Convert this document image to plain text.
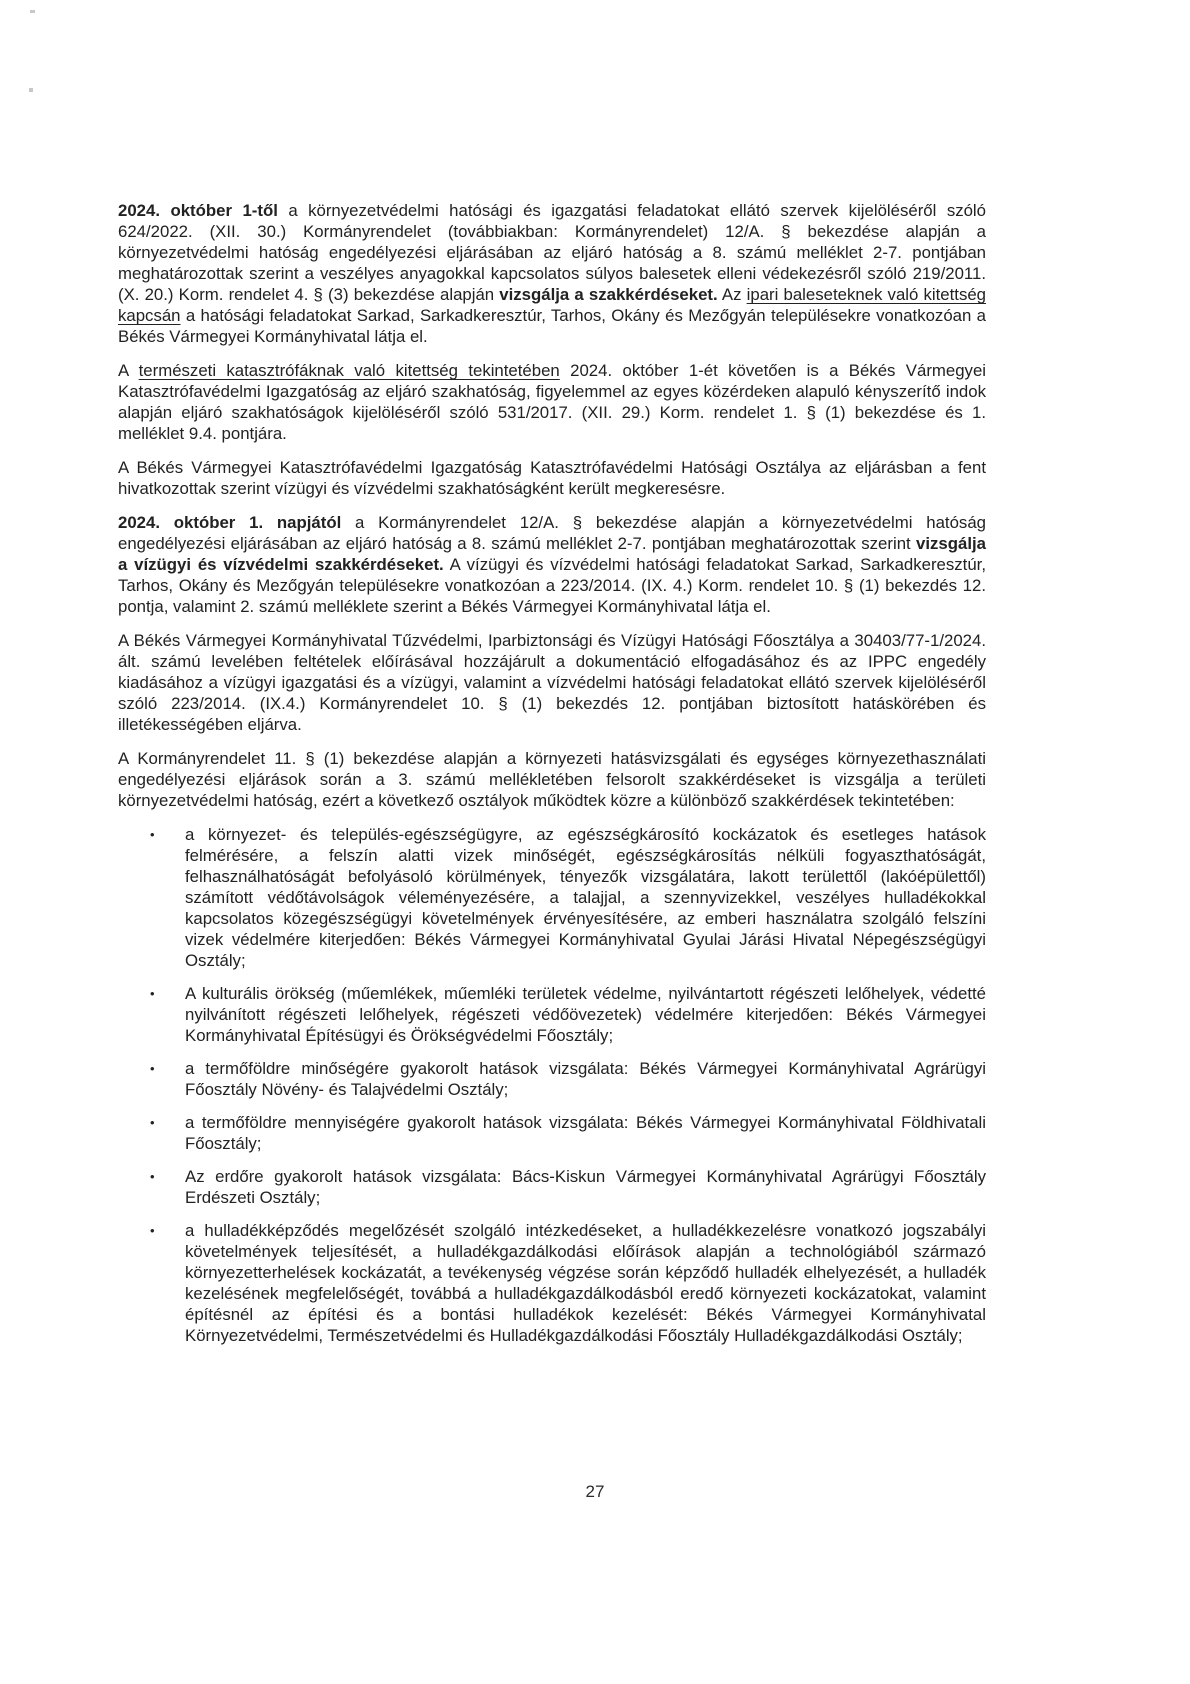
2024. október 1-től a környezetvédelmi hatósági és igazgatási feladatokat ellátó szervek kijelöléséről szóló 624/2022. (XII. 30.) Kormányrendelet (továbbiakban: Kormányrendelet) 12/A. § bekezdése alapján a környezetvédelmi hatóság engedélyezési eljárásában az eljáró hatóság a 8. számú melléklet 2-7. pontjában meghatározottak szerint a veszélyes anyagokkal kapcsolatos súlyos balesetek elleni védekezésről szóló 219/2011. (X. 20.) Korm. rendelet 4. § (3) bekezdése alapján vizsgálja a szakkérdéseket. Az ipari baleseteknek való kitettség kapcsán a hatósági feladatokat Sarkad, Sarkadkeresztúr, Tarhos, Okány és Mezőgyán településekre vonatkozóan a Békés Vármegyei Kormányhivatal látja el.

A természeti katasztrófáknak való kitettség tekintetében 2024. október 1-ét követően is a Békés Vármegyei Katasztrófavédelmi Igazgatóság az eljáró szakhatóság, figyelemmel az egyes közérdeken alapuló kényszerítő indok alapján eljáró szakhatóságok kijelöléséről szóló 531/2017. (XII. 29.) Korm. rendelet 1. § (1) bekezdése és 1. melléklet 9.4. pontjára.

A Békés Vármegyei Katasztrófavédelmi Igazgatóság Katasztrófavédelmi Hatósági Osztálya az eljárásban a fent hivatkozottak szerint vízügyi és vízvédelmi szakhatóságként került megkeresésre.

2024. október 1. napjától a Kormányrendelet 12/A. § bekezdése alapján a környezetvédelmi hatóság engedélyezési eljárásában az eljáró hatóság a 8. számú melléklet 2-7. pontjában meghatározottak szerint vizsgálja a vízügyi és vízvédelmi szakkérdéseket. A vízügyi és vízvédelmi hatósági feladatokat Sarkad, Sarkadkeresztúr, Tarhos, Okány és Mezőgyán településekre vonatkozóan a 223/2014. (IX. 4.) Korm. rendelet 10. § (1) bekezdés 12. pontja, valamint 2. számú melléklete szerint a Békés Vármegyei Kormányhivatal látja el.

A Békés Vármegyei Kormányhivatal Tűzvédelmi, Iparbiztonsági és Vízügyi Hatósági Főosztálya a 30403/77-1/2024. ált. számú levelében feltételek előírásával hozzájárult a dokumentáció elfogadásához és az IPPC engedély kiadásához a vízügyi igazgatási és a vízügyi, valamint a vízvédelmi hatósági feladatokat ellátó szervek kijelöléséről szóló 223/2014. (IX.4.) Kormányrendelet 10. § (1) bekezdés 12. pontjában biztosított hatáskörében és illetékességében eljárva.

A Kormányrendelet 11. § (1) bekezdése alapján a környezeti hatásvizsgálati és egységes környezethasználati engedélyezési eljárások során a 3. számú mellékletében felsorolt szakkérdéseket is vizsgálja a területi környezetvédelmi hatóság, ezért a következő osztályok működtek közre a különböző szakkérdések tekintetében:

•	a környezet- és település-egészségügyre, az egészségkárosító kockázatok és esetleges hatások felmérésére, a felszín alatti vizek minőségét, egészségkárosítás nélküli fogyaszthatóságát, felhasználhatóságát befolyásoló körülmények, tényezők vizsgálatára, lakott területtől (lakóépülettől) számított védőtávolságok véleményezésére, a talajjal, a szennyvizekkel, veszélyes hulladékokkal kapcsolatos közegészségügyi követelmények érvényesítésére, az emberi használatra szolgáló felszíni vizek védelmére kiterjedően: Békés Vármegyei Kormányhivatal Gyulai Járási Hivatal Népegészségügyi Osztály;
•	A kulturális örökség (műemlékek, műemléki területek védelme, nyilvántartott régészeti lelőhelyek, védetté nyilvánított régészeti lelőhelyek, régészeti védőövezetek) védelmére kiterjedően: Békés Vármegyei Kormányhivatal Építésügyi és Örökségvédelmi Főosztály;
•	a termőföldre minőségére gyakorolt hatások vizsgálata: Békés Vármegyei Kormányhivatal Agrárügyi Főosztály Növény- és Talajvédelmi Osztály;
•	a termőföldre mennyiségére gyakorolt hatások vizsgálata: Békés Vármegyei Kormányhivatal Földhivatali Főosztály;
•	Az erdőre gyakorolt hatások vizsgálata: Bács-Kiskun Vármegyei Kormányhivatal Agrárügyi Főosztály Erdészeti Osztály;
•	a hulladékképződés megelőzését szolgáló intézkedéseket, a hulladékkezelésre vonatkozó jogszabályi követelmények teljesítését, a hulladékgazdálkodási előírások alapján a technológiából származó környezetterhelések kockázatát, a tevékenység végzése során képződő hulladék elhelyezését, a hulladék kezelésének megfelelőségét, továbbá a hulladékgazdálkodásból eredő környezeti kockázatokat, valamint építésnél az építési és a bontási hulladékok kezelését: Békés Vármegyei Kormányhivatal Környezetvédelmi, Természetvédelmi és Hulladékgazdálkodási Főosztály Hulladékgazdálkodási Osztály;
27
